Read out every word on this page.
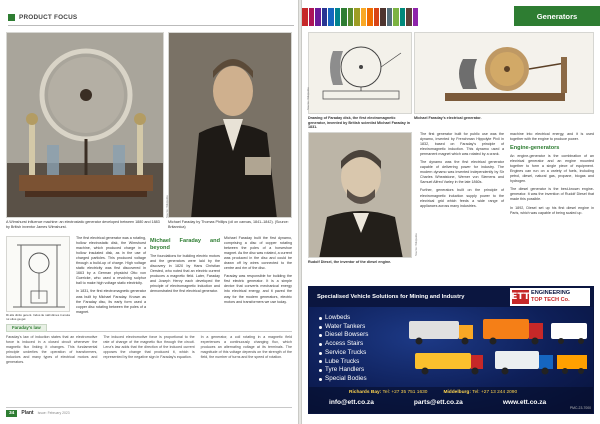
PRODUCT FOCUS
A Wimshurst influence machine: an electrostatic generator developed between 1880 and 1883 by British inventor James Wimshurst.
Source: Wikipedia
Michael Faraday by Thomas Phillips (oil on canvas, 1841–1842). (Source: Britannica)
Ri alis dinilo gerent. Indus ile nalli dimes ti anuta rui olius ga gel.

The first electrical generator was a rotating, hollow electrostatic disk, the Wimshurst machine, which produced charge in a hollow insulated disk, as in the use of charged particles. This produced voltage through a build-up of charge. High voltage static electricity was first discovered in 1663 by a German physicist Otto von Guericke, who used a revolving sulphur ball to make high voltage static electricity.

In 1831, the first electromagnetic generator was built by Michael Faraday. Known as the Faraday disc, its early form used a copper disc rotating between the poles of a magnet.

Michael Faraday and beyond

The foundations for building electric motors and the generators were laid by the discovery in 1820 by Hans Christian Oersted, who noted that an electric current produces a magnetic field. Later, Faraday and Joseph Henry each developed the principle of electromagnetic induction and demonstrated the first electrical generator.

Michael Faraday built the first dynamo, comprising a disc of copper rotating between the poles of a horseshoe magnet. As the disc was rotated, a current was produced in the disc and could be drawn off by wires connected to the centre and rim of the disc.

Faraday was responsible for building the first electric generator. It is a simple device that converts mechanical energy into electrical energy, and it paved the way for the modern generators, electric motors and transformers we use today.

Faraday's law
Faraday's law of induction states that an electromotive force is induced in a closed circuit whenever the magnetic flux linking it changes. This fundamental principle underlies the operation of transformers, inductors and many types of electrical motors and generators.
The induced electromotive force is proportional to the rate of change of the magnetic flux through the circuit. Lenz's law adds that the direction of the induced current opposes the change that produced it, which is represented by the negative sign in Faraday's equation.
In a generator, a coil rotating in a magnetic field experiences a continuously changing flux, which produces an alternating voltage at its terminals. The magnitude of this voltage depends on the strength of the field, the number of turns and the speed of rotation.
34	Plant Issue: February 2023
Generators
Source: Wikipedia
Drawing of Faraday disk, the first electromagnetic generator, invented by British scientist Michael Faraday in 1831.
Michael Faraday's electrical generator.
Source: Wikipedia
Rudolf Diesel, the inventor of the diesel engine.

The first generator built for public use was the dynamo, invented by Frenchman Hippolyte Pixii in 1832, based on Faraday's principle of electromagnetic induction. This dynamo used a permanent magnet which was rotated by a crank.

The dynamo was the first electrical generator capable of delivering power for industry. The modern dynamo was invented independently by Sir Charles Wheatstone, Werner von Siemens and Samuel Alfred Varley in the late 1860s.

Further, generators built on the principle of electromagnetic induction supply power to the electrical grid which feeds a wide range of appliances across many industries.

machine into electrical energy, and it is used together with the engine to produce power.

Engine-generators

An engine-generator is the combination of an electrical generator and an engine mounted together to form a single piece of equipment. Engines can run on a variety of fuels, including petrol, diesel, natural gas, propane, biogas and hydrogen.

The diesel generator is the best-known engine-generator. It was the invention of Rudolf Diesel that made this possible.

In 1892, Diesel set up his first diesel engine in Paris, which was capable of being scaled up.

Specialised Vehicle Solutions for Mining and Industry	ETT ENGINEERING
TOP TECH Co.
Lowbeds
Water Tankers
Diesel Bowsers
Access Stairs
Service Trucks
Lube Trucks
Tyre Handlers
Special Bodies
Richards Bay: Tel: +27 35 751 1630	Middelburg: Tel: +27 13 244 2090
info@ett.co.za	parts@ett.co.za	www.ett.co.za
PMC-23-7000
